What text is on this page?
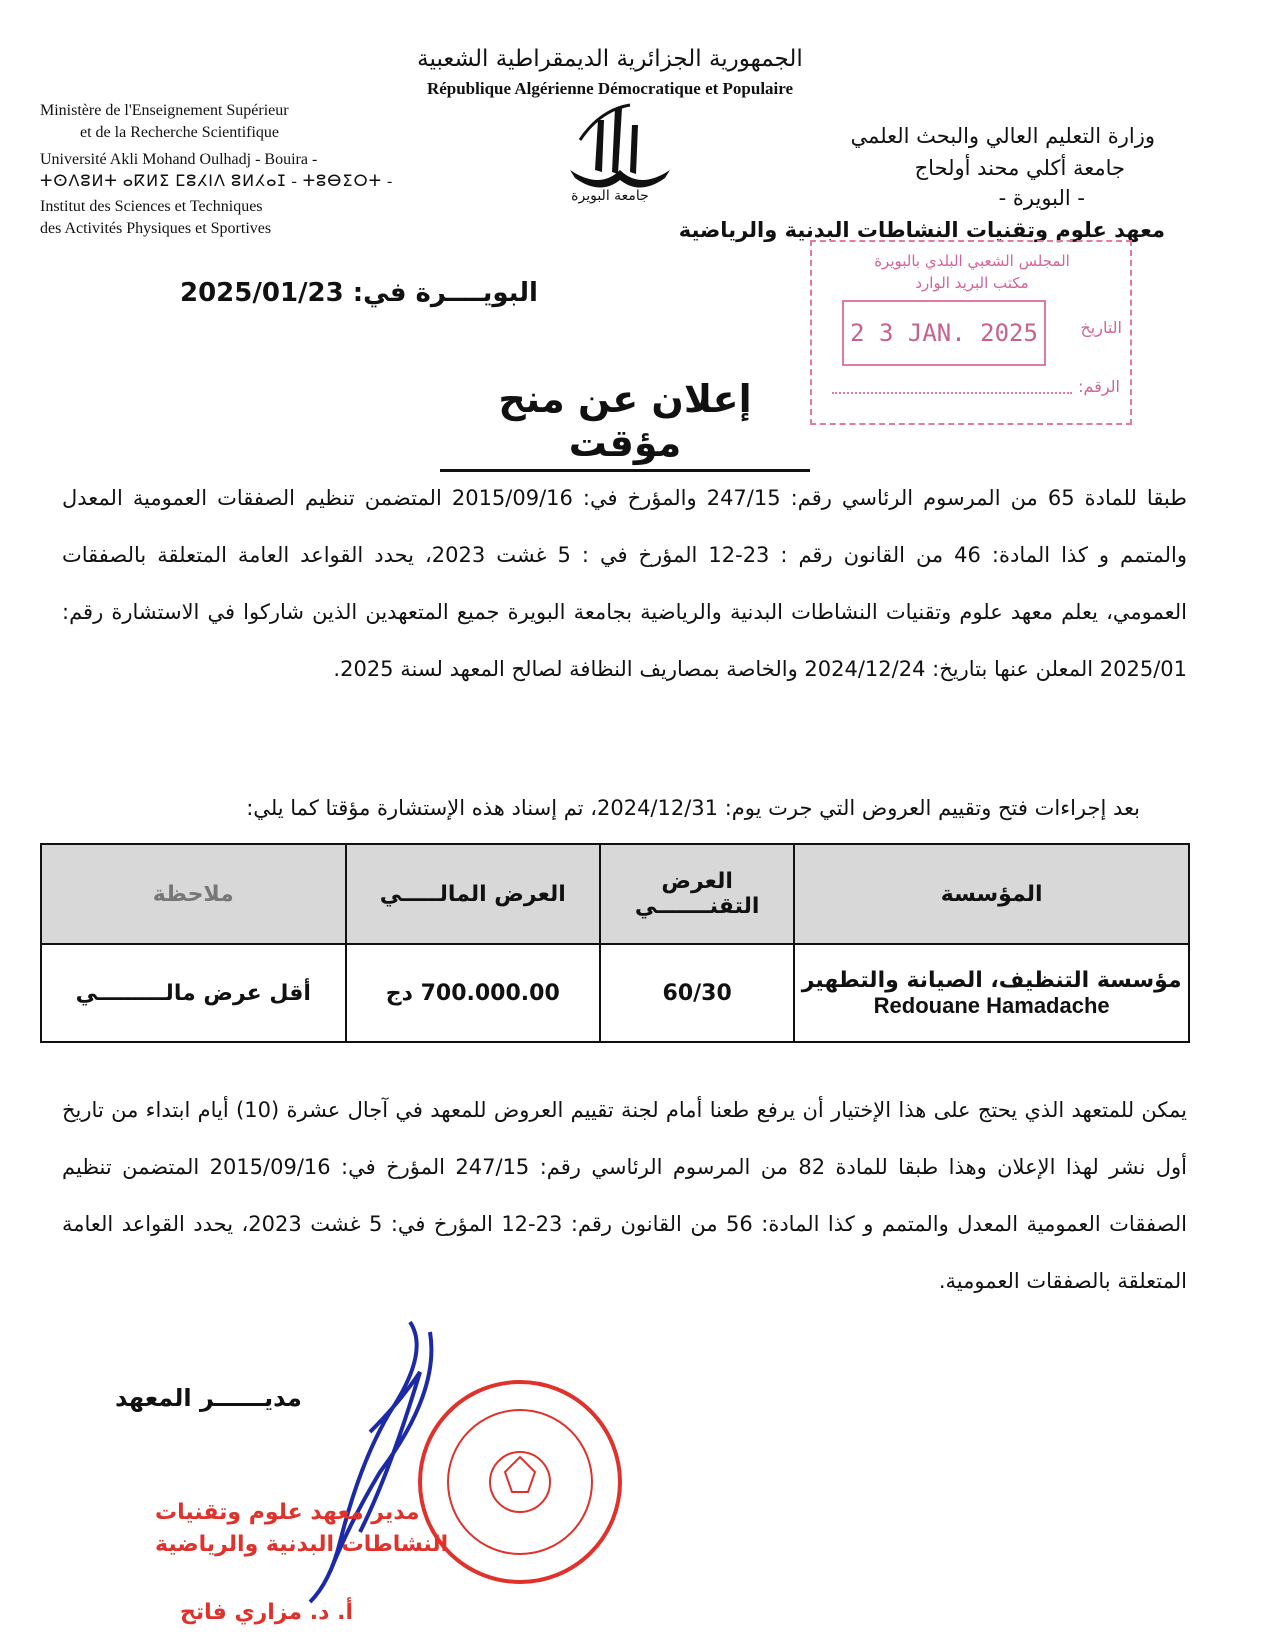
الجمهورية الجزائرية الديمقراطية الشعبية
République Algérienne Démocratique et Populaire
Ministère de l'Enseignement Supérieur
et de la Recherche Scientifique
Université Akli Mohand Oulhadj - Bouira -
ⵜⵙⴷⵓⵍⵜ ⴰⴽⵍⵉ ⵎⵓⵃⵏⴷ ⵓⵍⵃⴰⵊ - ⵜⵓⴱⵉⵔⵜ -
Institut des Sciences et Techniques
des Activités Physiques et Sportives
وزارة التعليم العالي والبحث العلمي
جامعة أكلي محند أولحاج
- البويرة -
معهد علوم وتقنيات النشاطات البدنية والرياضية
جامعة البويرة
المجلس الشعبي البلدي بالبويرة
مكتب البريد الوارد
2 3 JAN. 2025	التاريخ
الرقم:
البويــــرة في: 2025/01/23
إعلان عن منح مؤقت
طبقا للمادة 65 من المرسوم الرئاسي رقم: 247/15 والمؤرخ في: 2015/09/16 المتضمن تنظيم الصفقات العمومية المعدل والمتمم و كذا المادة: 46 من القانون رقم : 23-12 المؤرخ في : 5 غشت 2023، يحدد القواعد العامة المتعلقة بالصفقات العمومي، يعلم معهد علوم وتقنيات النشاطات البدنية والرياضية بجامعة البويرة جميع المتعهدين الذين شاركوا في الاستشارة رقم: 2025/01 المعلن عنها بتاريخ: 2024/12/24 والخاصة بمصاريف النظافة لصالح المعهد لسنة 2025.
بعد إجراءات فتح وتقييم العروض التي جرت يوم: 2024/12/31، تم إسناد هذه الإستشارة مؤقتا كما يلي:
المؤسسة	العرض التقنـــــــي	العرض المالـــــي	ملاحظة
مؤسسة التنظيف، الصيانة والتطهير
Redouane Hamadache	60/30	700.000.00 دج	أقل عرض مالـــــــــي
يمكن للمتعهد الذي يحتج على هذا الإختيار أن يرفع طعنا أمام لجنة تقييم العروض للمعهد في آجال عشرة (10) أيام ابتداء من تاريخ أول نشر لهذا الإعلان وهذا طبقا للمادة 82 من المرسوم الرئاسي رقم: 247/15 المؤرخ في: 2015/09/16 المتضمن تنظيم الصفقات العمومية المعدل والمتمم و كذا المادة: 56 من القانون رقم: 23-12 المؤرخ في: 5 غشت 2023، يحدد القواعد العامة المتعلقة بالصفقات العمومية.
مديــــــر المعهد
مدير معهد علوم وتقنيات
النشاطات البدنية والرياضية
أ. د. مزاري فاتح
